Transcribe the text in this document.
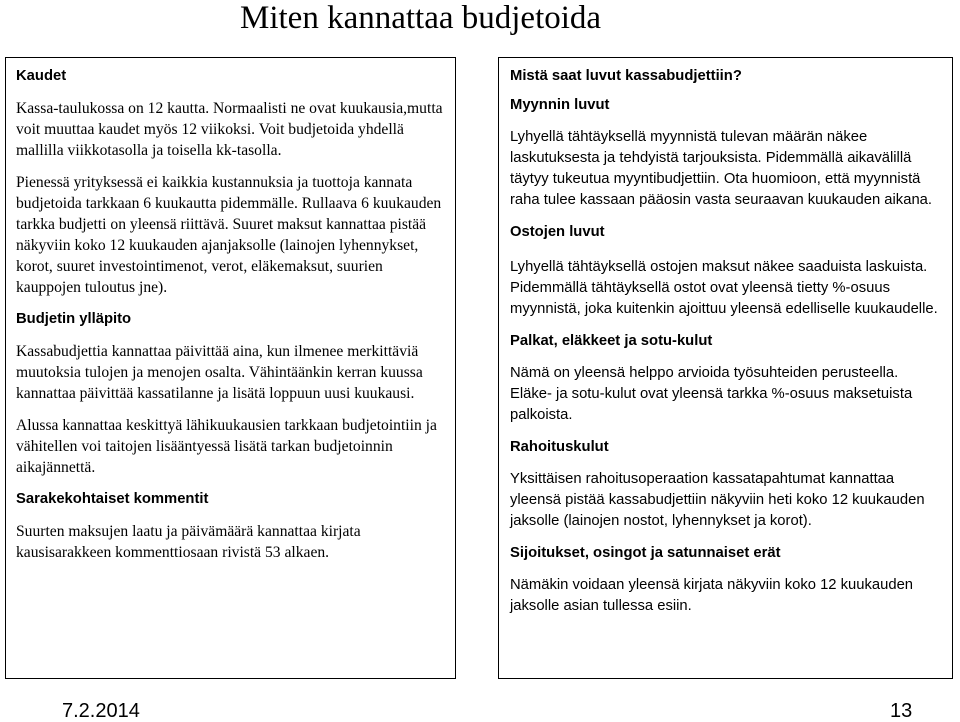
Miten kannattaa budjetoida

Kaudet

Kassa-taulukossa on 12 kautta. Normaalisti ne ovat kuukausia,mutta voit muuttaa kaudet myös 12 viikoksi. Voit budjetoida yhdellä mallilla viikkotasolla ja toisella kk-tasolla.

Pienessä yrityksessä ei kaikkia kustannuksia ja tuottoja kannata budjetoida tarkkaan 6 kuukautta pidemmälle. Rullaava 6 kuukauden tarkka budjetti on yleensä riittävä. Suuret maksut kannattaa pistää näkyviin koko 12 kuukauden ajanjaksolle (lainojen lyhennykset, korot, suuret investointimenot, verot, eläkemaksut, suurien kauppojen tuloutus jne).

Budjetin ylläpito

Kassabudjettia kannattaa päivittää aina, kun ilmenee merkittäviä muutoksia tulojen ja menojen osalta. Vähintäänkin kerran kuussa kannattaa päivittää kassatilanne ja lisätä loppuun uusi kuukausi.

Alussa kannattaa keskittyä lähikuukausien tarkkaan budjetointiin ja vähitellen voi taitojen lisääntyessä lisätä tarkan budjetoinnin aikajännettä.

Sarakekohtaiset kommentit

Suurten maksujen laatu ja päivämäärä kannattaa kirjata kausisarakkeen kommenttiosaan rivistä 53 alkaen.

Mistä saat luvut kassabudjettiin?

Myynnin luvut

Lyhyellä tähtäyksellä myynnistä tulevan määrän näkee laskutuksesta ja tehdyistä tarjouksista. Pidemmällä aikavälillä täytyy tukeutua myyntibudjettiin. Ota huomioon, että myynnistä raha tulee kassaan pääosin vasta seuraavan kuukauden aikana.

Ostojen luvut

Lyhyellä tähtäyksellä ostojen maksut näkee saaduista laskuista. Pidemmällä tähtäyksellä ostot ovat yleensä tietty %-osuus myynnistä, joka kuitenkin ajoittuu yleensä edelliselle kuukaudelle.

Palkat, eläkkeet ja sotu-kulut

Nämä on yleensä helppo arvioida työsuhteiden perusteella. Eläke- ja sotu-kulut ovat yleensä tarkka %-osuus maksetuista palkoista.

Rahoituskulut

Yksittäisen rahoitusoperaation kassatapahtumat kannattaa yleensä pistää kassabudjettiin näkyviin heti koko 12 kuukauden jaksolle (lainojen nostot, lyhennykset ja korot).

Sijoitukset, osingot ja satunnaiset erät

Nämäkin voidaan yleensä kirjata näkyviin koko 12 kuukauden jaksolle asian tullessa esiin.

7.2.2014	13
